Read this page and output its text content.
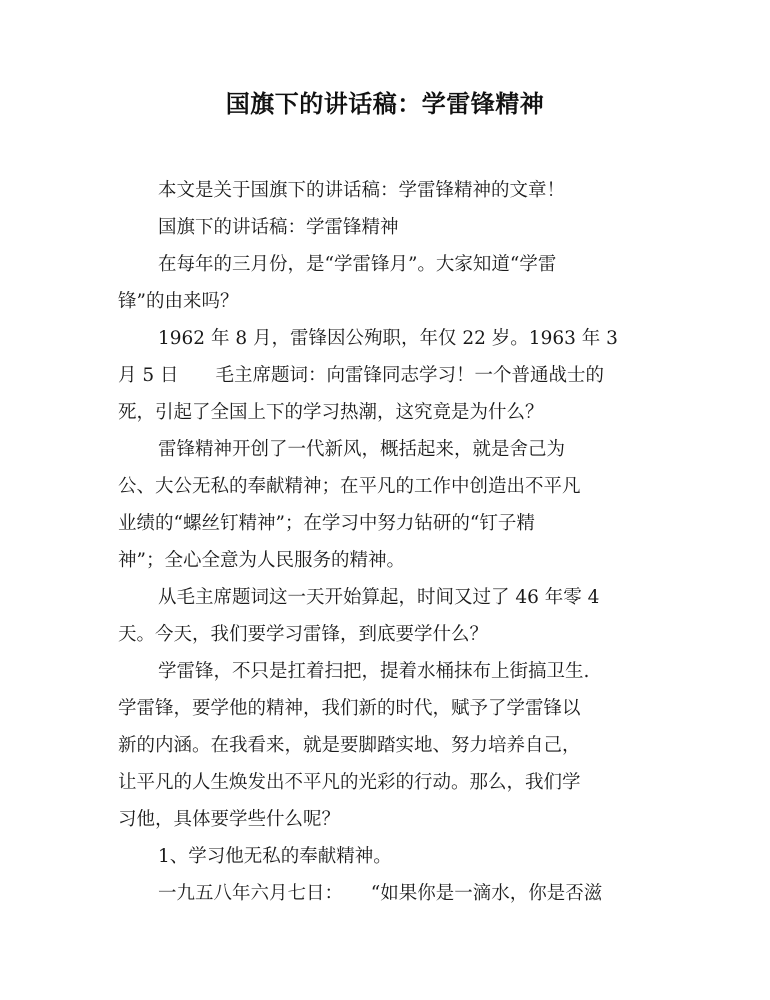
国旗下的讲话稿：学雷锋精神
本文是关于国旗下的讲话稿：学雷锋精神的文章！
国旗下的讲话稿：学雷锋精神
在每年的三月份，是“学雷锋月”。大家知道“学雷
锋”的由来吗？
1962 年 8 月，雷锋因公殉职，年仅 22 岁。1963 年 3
月 5 日　　毛主席题词：向雷锋同志学习！一个普通战士的
死，引起了全国上下的学习热潮，这究竟是为什么？
雷锋精神开创了一代新风，概括起来，就是舍己为
公、大公无私的奉献精神；在平凡的工作中创造出不平凡
业绩的“螺丝钉精神”；在学习中努力钻研的“钉子精
神”；全心全意为人民服务的精神。
从毛主席题词这一天开始算起，时间又过了 46 年零 4
天。今天，我们要学习雷锋，到底要学什么？
学雷锋，不只是扛着扫把，提着水桶抹布上街搞卫生.
学雷锋，要学他的精神，我们新的时代，赋予了学雷锋以
新的内涵。在我看来，就是要脚踏实地、努力培养自己，
让平凡的人生焕发出不平凡的光彩的行动。那么，我们学
习他，具体要学些什么呢？
1、学习他无私的奉献精神。
一九五八年六月七日：　　“如果你是一滴水，你是否滋
